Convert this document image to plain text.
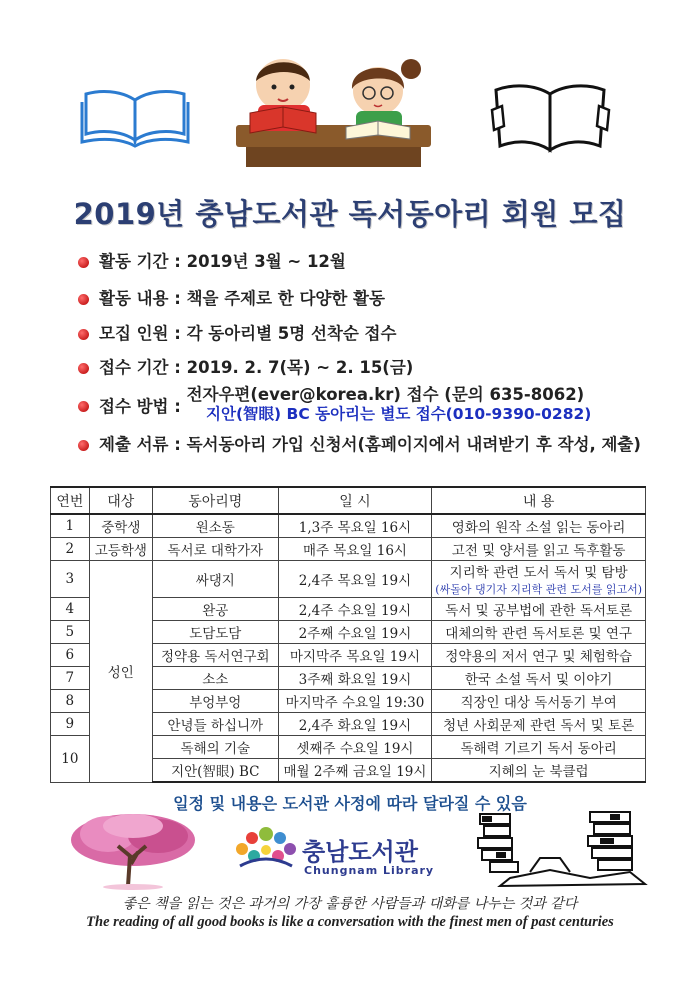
2019년 충남도서관 독서동아리 회원 모집
활동 기간 : 2019년 3월 ~ 12월
활동 내용 : 책을 주제로 한 다양한 활동
모집 인원 : 각 동아리별 5명 선착순 접수
접수 기간 : 2019. 2. 7(목) ~ 2. 15(금)
접수 방법 : 전자우편(ever@korea.kr) 접수 (문의 635-8062)
지안(智眼) BC 동아리는 별도 접수(010-9390-0282)
제출 서류 : 독서동아리 가입 신청서(홈페이지에서 내려받기 후 작성, 제출)
연번	대상	동아리명	일 시	내 용
1	중학생	원소동	1,3주 목요일 16시	영화의 원작 소설 읽는 동아리
2	고등학생	독서로 대학가자	매주 목요일 16시	고전 및 양서를 읽고 독후활동
3	성인	싸댕지	2,4주 목요일 19시	지리학 관련 도서 독서 및 탐방
				(싸돌아 댕기자 지리학 관련 도서를 읽고서)
4		완공	2,4주 수요일 19시	독서 및 공부법에 관한 독서토론
5		도담도담	2주째 수요일 19시	대체의학 관련 독서토론 및 연구
6		정약용 독서연구회	마지막주 목요일 19시	정약용의 저서 연구 및 체험학습
7		소소	3주째 화요일 19시	한국 소설 독서 및 이야기
8		부엉부엉	마지막주 수요일 19:30	직장인 대상 독서동기 부여
9		안녕들 하십니까	2,4주 화요일 19시	청년 사회문제 관련 독서 및 토론
10		독해의 기술	셋째주 수요일 19시	독해력 기르기 독서 동아리
		지안(智眼) BC	매월 2주째 금요일 19시	지혜의 눈 북클럽
일정 및 내용은 도서관 사정에 따라 달라질 수 있음
충남도서관
Chungnam Library
좋은 책을 읽는 것은 과거의 가장 훌륭한 사람들과 대화를 나누는 것과 같다
The reading of all good books is like a conversation with the finest men of past centuries
